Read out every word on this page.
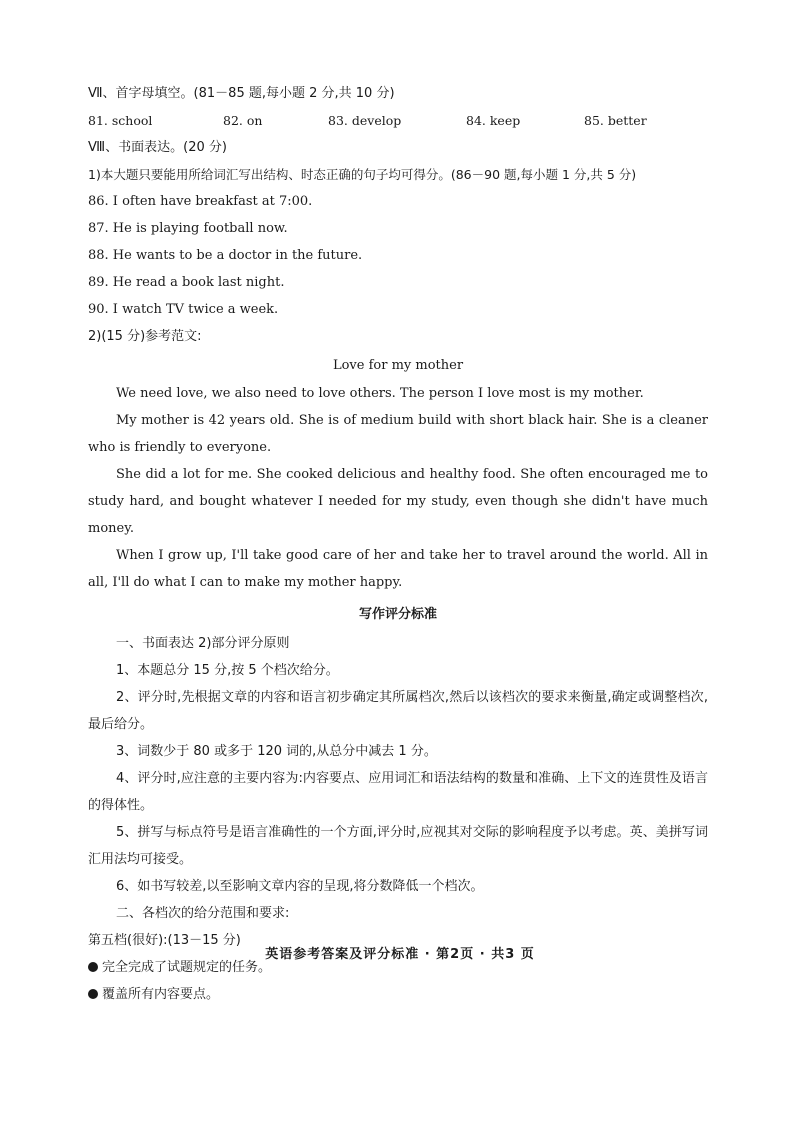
Ⅶ、首字母填空。(81－85 题,每小题 2 分,共 10 分)
81. school	82. on	83. develop	84. keep	85. better
Ⅷ、书面表达。(20 分)
1)本大题只要能用所给词汇写出结构、时态正确的句子均可得分。(86－90 题,每小题 1 分,共 5 分)
86. I often have breakfast at 7:00.
87. He is playing football now.
88. He wants to be a doctor in the future.
89. He read a book last night.
90. I watch TV twice a week.
2)(15 分)参考范文:
Love for my mother

We need love, we also need to love others. The person I love most is my mother.

My mother is 42 years old. She is of medium build with short black hair. She is a cleaner who is friendly to everyone.

She did a lot for me. She cooked delicious and healthy food. She often encouraged me to study hard, and bought whatever I needed for my study, even though she didn't have much money.

When I grow up, I'll take good care of her and take her to travel around the world. All in all, I'll do what I can to make my mother happy.

写作评分标准

一、书面表达 2)部分评分原则

1、本题总分 15 分,按 5 个档次给分。

2、评分时,先根据文章的内容和语言初步确定其所属档次,然后以该档次的要求来衡量,确定或调整档次,最后给分。

3、词数少于 80 或多于 120 词的,从总分中减去 1 分。

4、评分时,应注意的主要内容为:内容要点、应用词汇和语法结构的数量和准确、上下文的连贯性及语言的得体性。

5、拼写与标点符号是语言准确性的一个方面,评分时,应视其对交际的影响程度予以考虑。英、美拼写词汇用法均可接受。

6、如书写较差,以至影响文章内容的呈现,将分数降低一个档次。

二、各档次的给分范围和要求:

第五档(很好):(13－15 分)

完全完成了试题规定的任务。

覆盖所有内容要点。

英语参考答案及评分标准 · 第2页 · 共3 页
